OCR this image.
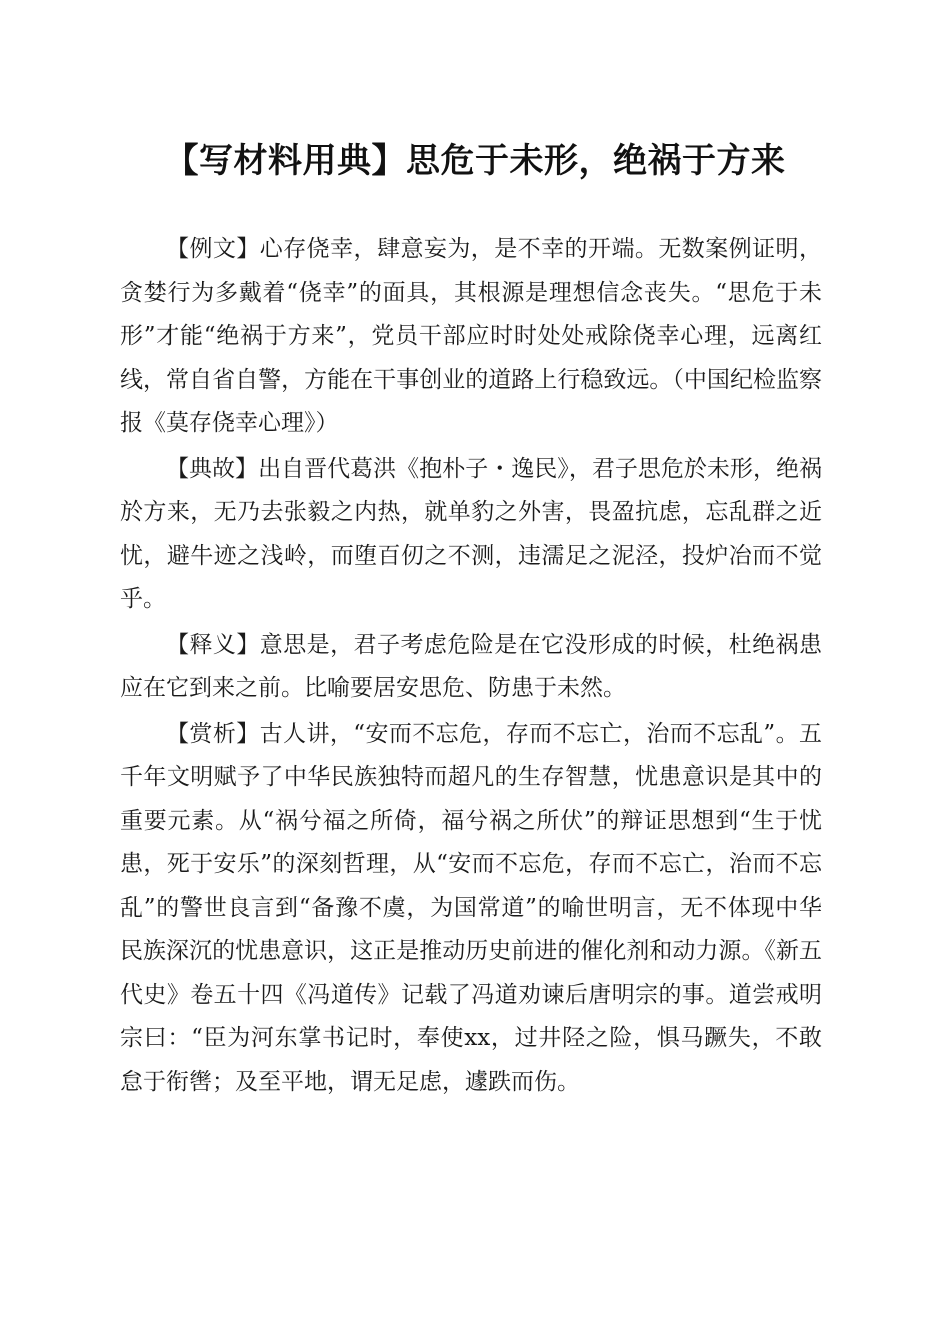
【写材料用典】思危于未形，绝祸于方来

【例文】心存侥幸，肆意妄为，是不幸的开端。无数案例证明，贪婪行为多戴着“侥幸”的面具，其根源是理想信念丧失。“思危于未形”才能“绝祸于方来”，党员干部应时时处处戒除侥幸心理，远离红线，常自省自警，方能在干事创业的道路上行稳致远。（中国纪检监察报《莫存侥幸心理》）

【典故】出自晋代葛洪《抱朴子・逸民》，君子思危於未形，绝祸於方来，无乃去张毅之内热，就单豹之外害，畏盈抗虑，忘乱群之近忧，避牛迹之浅岭，而堕百仞之不测，违濡足之泥泾，投炉冶而不觉乎。

【释义】意思是，君子考虑危险是在它没形成的时候，杜绝祸患应在它到来之前。比喻要居安思危、防患于未然。

【赏析】古人讲，“安而不忘危，存而不忘亡，治而不忘乱”。五千年文明赋予了中华民族独特而超凡的生存智慧，忧患意识是其中的重要元素。从“祸兮福之所倚，福兮祸之所伏”的辩证思想到“生于忧患，死于安乐”的深刻哲理，从“安而不忘危，存而不忘亡，治而不忘乱”的警世良言到“备豫不虞，为国常道”的喻世明言，无不体现中华民族深沉的忧患意识，这正是推动历史前进的催化剂和动力源。《新五代史》卷五十四《冯道传》记载了冯道劝谏后唐明宗的事。道尝戒明宗曰：“臣为河东掌书记时，奉使xx，过井陉之险，惧马蹶失，不敢怠于衔辔；及至平地，谓无足虑，遽跌而伤。
